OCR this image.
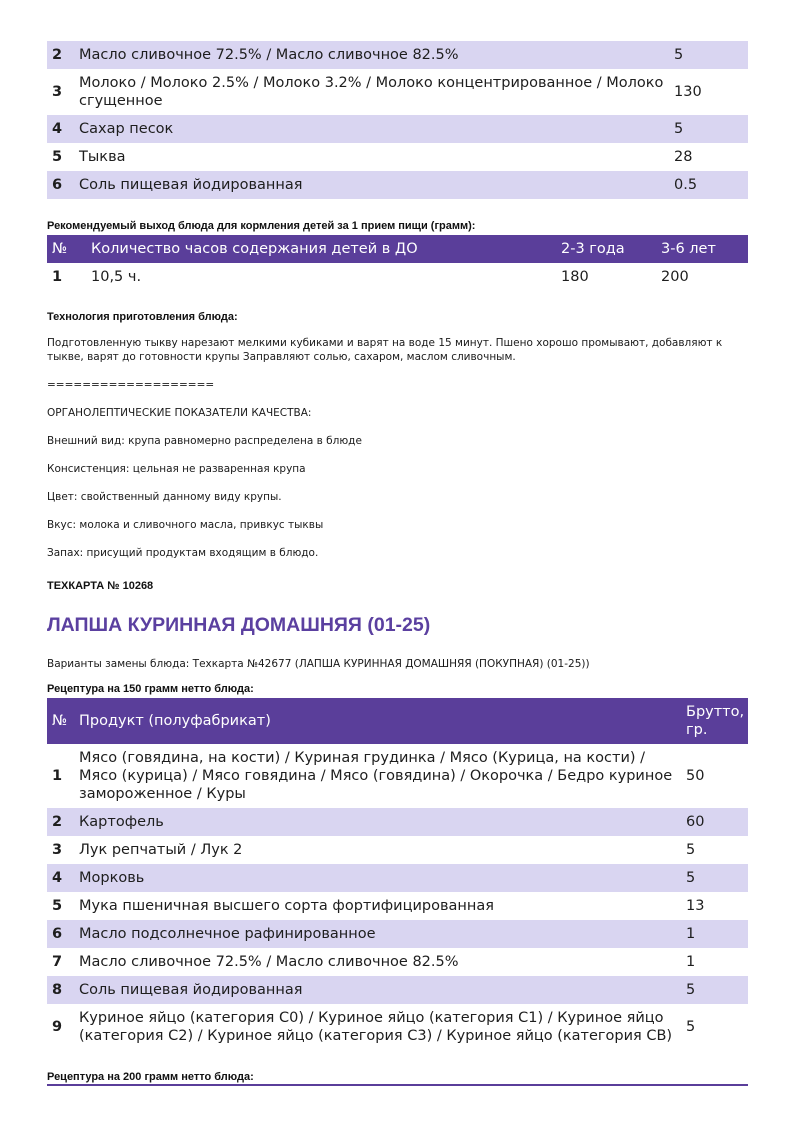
2	Масло сливочное 72.5% / Масло сливочное 82.5%	5
3	Молоко / Молоко 2.5% / Молоко 3.2% / Молоко концентрированное / Молоко сгущенное	130
4	Сахар песок	5
5	Тыква	28
6	Соль пищевая йодированная	0.5
Рекомендуемый выход блюда для кормления детей за 1 прием пищи (грамм):
№	Количество часов содержания детей в ДО	2-3 года	3-6 лет
1	10,5 ч.	180	200
Технология приготовления блюда:
Подготовленную тыкву нарезают мелкими кубиками и варят на воде 15 минут. Пшено хорошо промывают, добавляют к тыкве, варят до готовности крупы Заправляют солью, сахаром, маслом сливочным.
===================
ОРГАНОЛЕПТИЧЕСКИЕ ПОКАЗАТЕЛИ КАЧЕСТВА:
Внешний вид: крупа равномерно распределена в блюде
Консистенция: цельная не разваренная крупа
Цвет: свойственный данному виду крупы.
Вкус: молока и сливочного масла, привкус тыквы
Запах: присущий продуктам входящим в блюдо.
ТЕХКАРТА № 10268
ЛАПША КУРИННАЯ ДОМАШНЯЯ (01-25)
Варианты замены блюда: Техкарта №42677 (ЛАПША КУРИННАЯ ДОМАШНЯЯ (ПОКУПНАЯ) (01-25))
Рецептура на 150 грамм нетто блюда:
№	Продукт (полуфабрикат)	Брутто, гр.
1	Мясо (говядина, на кости) / Куриная грудинка / Мясо (Курица, на кости) / Мясо (курица) / Мясо говядина / Мясо (говядина) / Окорочка / Бедро куриное замороженное / Куры	50
2	Картофель	60
3	Лук репчатый / Лук 2	5
4	Морковь	5
5	Мука пшеничная высшего сорта фортифицированная	13
6	Масло подсолнечное рафинированное	1
7	Масло сливочное 72.5% / Масло сливочное 82.5%	1
8	Соль пищевая йодированная	5
9	Куриное яйцо (категория С0) / Куриное яйцо (категория С1) / Куриное яйцо (категория С2) / Куриное яйцо (категория С3) / Куриное яйцо (категория СВ)	5
Рецептура на 200 грамм нетто блюда:
